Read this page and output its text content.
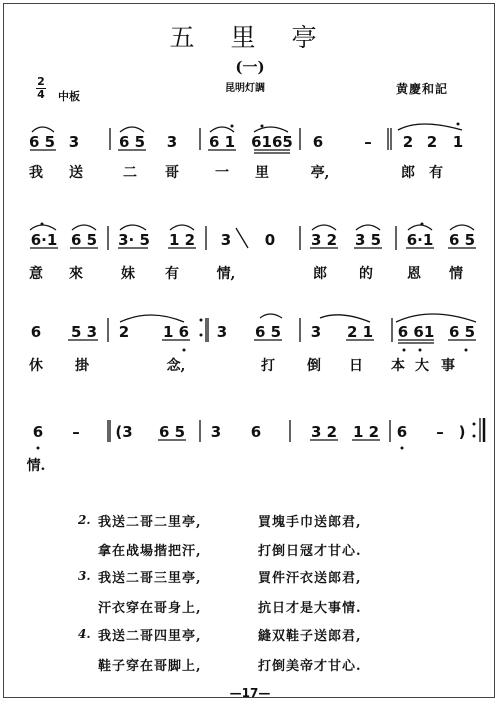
五 里 亭
(一)
2
4 中板
昆明灯調	黄慶和記
6 5 3	6 5 3 6 1 6165 6	– 2 2 1
我 送	二 哥	一 里	亭,	郎 有
6·1 6 5 3· 5 1 2 3 0 3 2 3 5 6·1 6 5
意 來	妹 有	情,	郎 的 恩 情
6 5 3 2 1 6 3 6 5 3 2 1 6 61 6 5
休 掛	念,	打 倒 日 本 大 事
6 – (3 6 5 3 6	3 2 1 2 6 – )
情.
2. 我送二哥二里亭,	買塊手巾送郎君,
拿在战場揩把汗,	打倒日冦才甘心.
3. 我送二哥三里亭,	買件汗衣送郎君,
汗衣穿在哥身上,	抗日才是大事情.
4. 我送二哥四里亭,	縫双鞋子送郎君,
鞋子穿在哥脚上,	打倒美帝才甘心.
—17—
